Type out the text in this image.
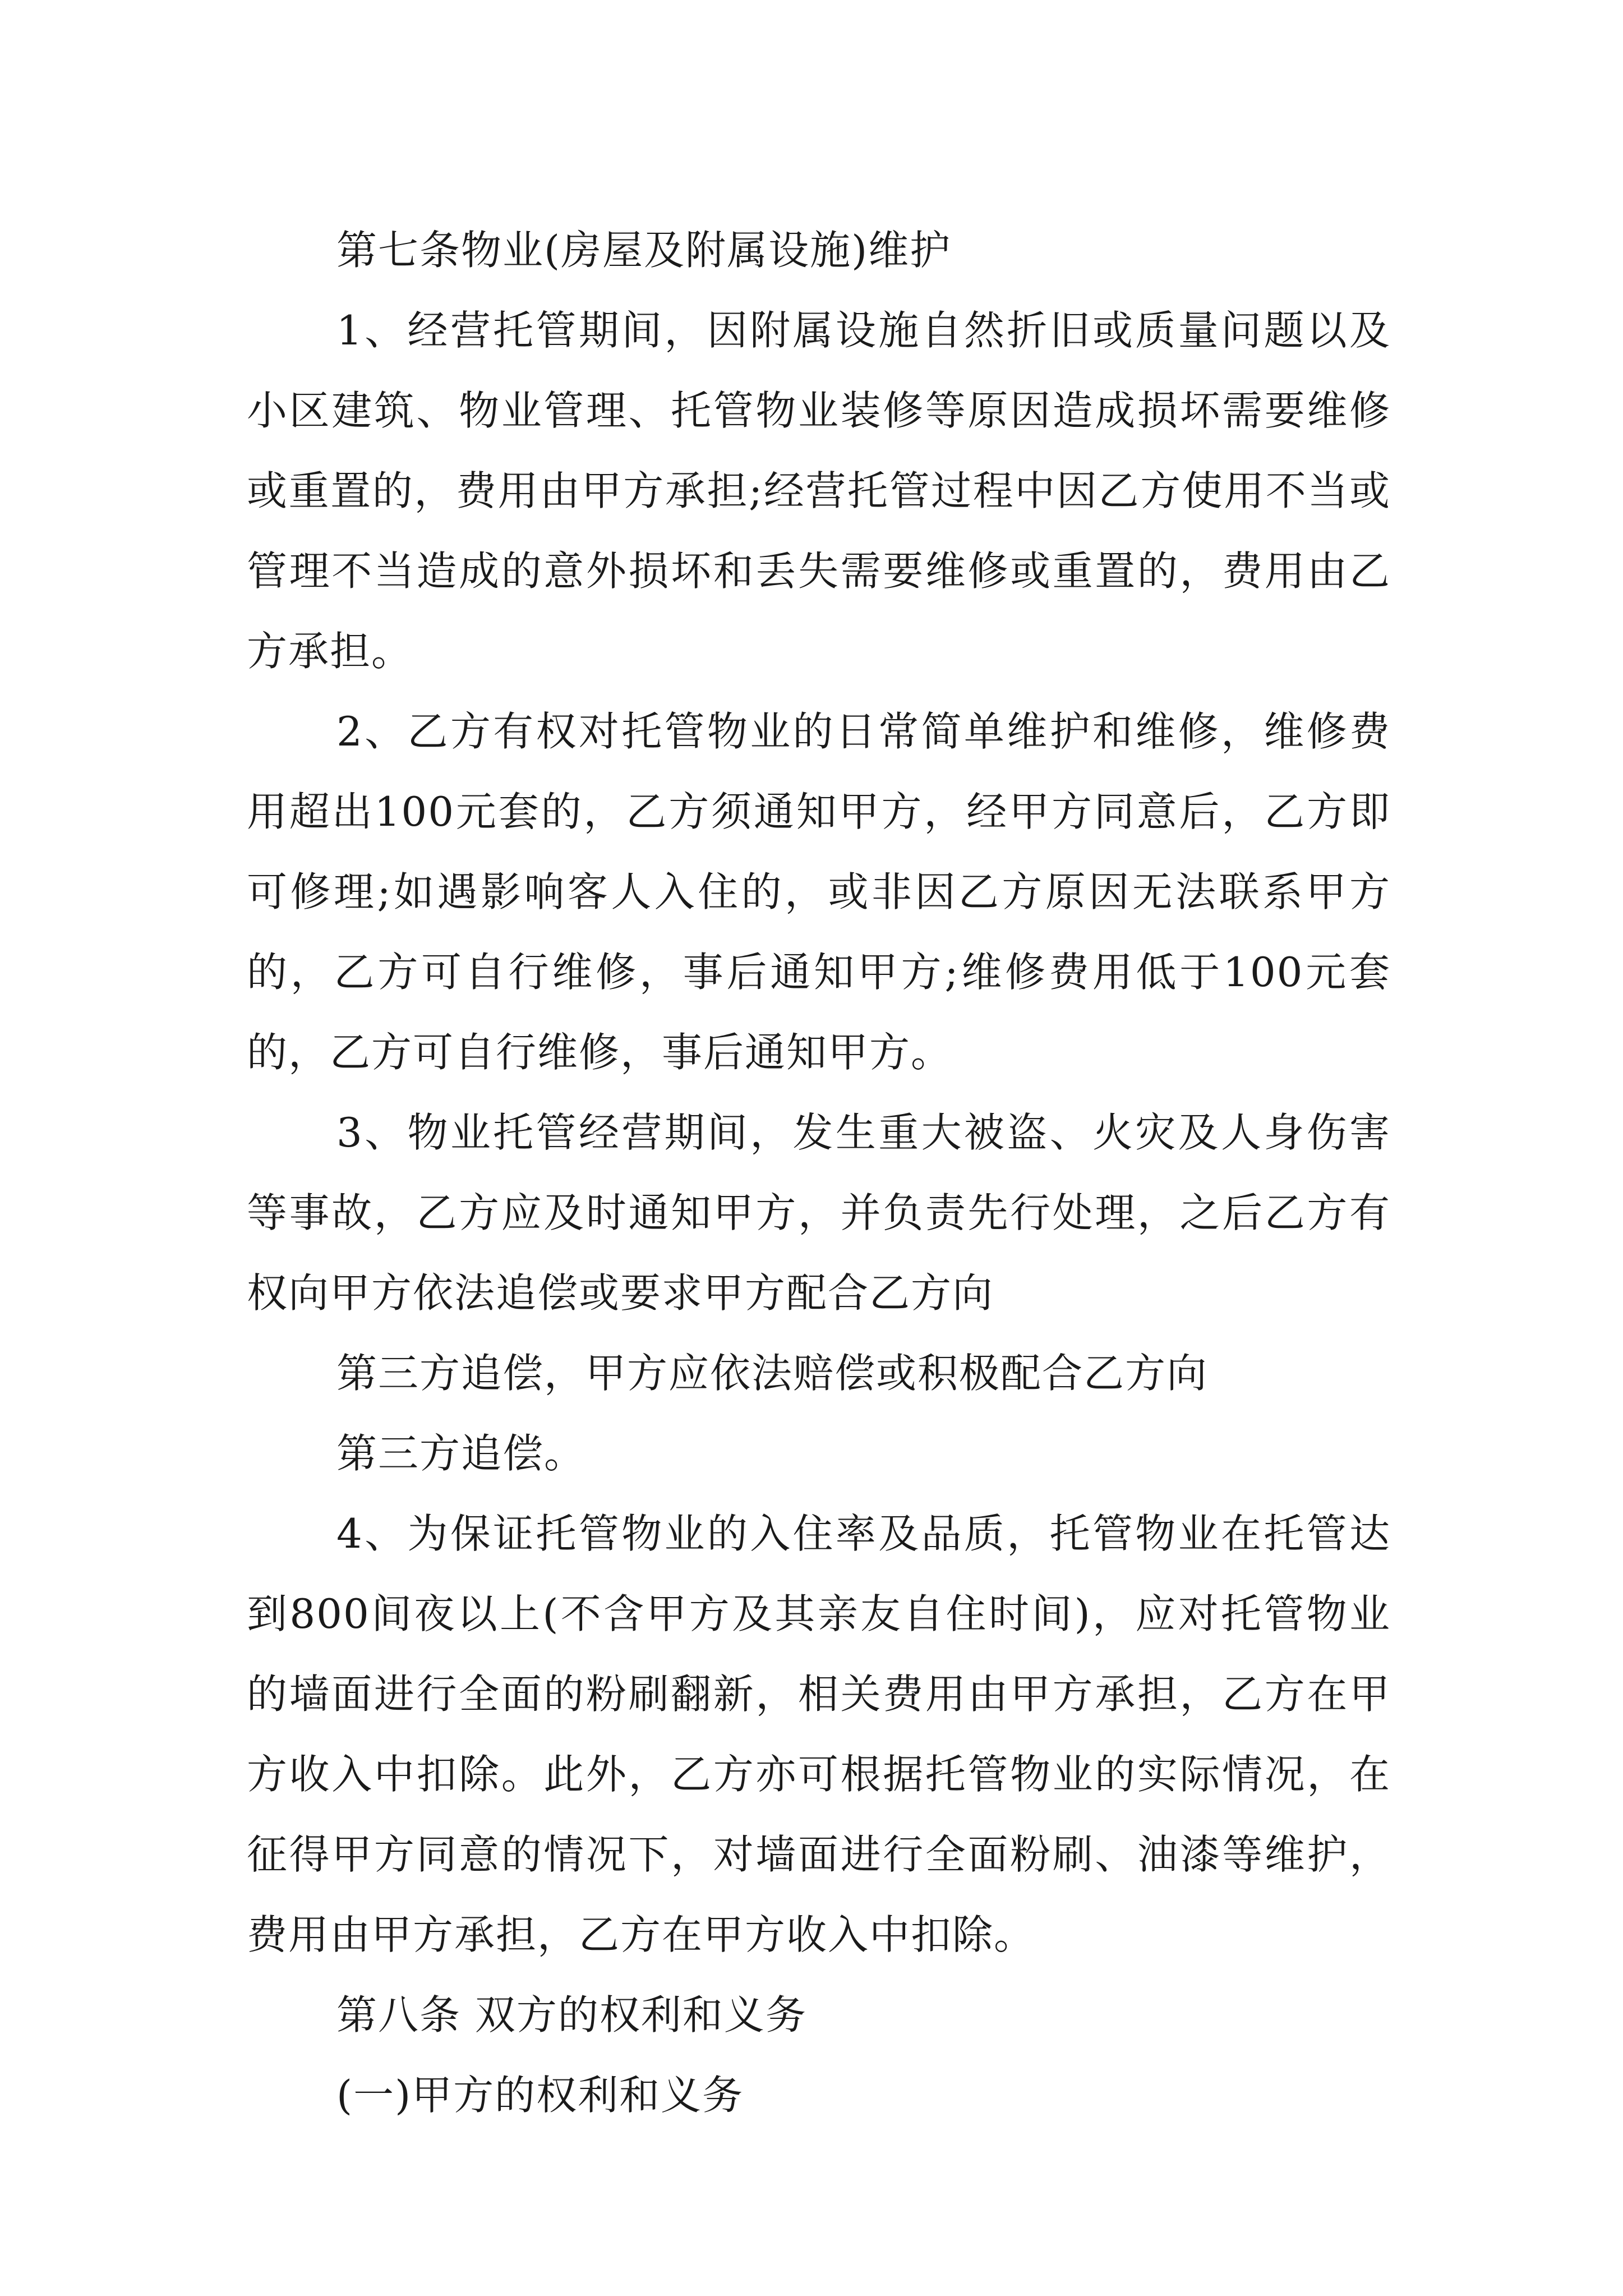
第七条物业(房屋及附属设施)维护

1、经营托管期间，因附属设施自然折旧或质量问题以及小区建筑、物业管理、托管物业装修等原因造成损坏需要维修或重置的，费用由甲方承担;经营托管过程中因乙方使用不当或管理不当造成的意外损坏和丢失需要维修或重置的，费用由乙方承担。

2、乙方有权对托管物业的日常简单维护和维修，维修费用超出100元套的，乙方须通知甲方，经甲方同意后，乙方即可修理;如遇影响客人入住的，或非因乙方原因无法联系甲方的，乙方可自行维修，事后通知甲方;维修费用低于100元套的，乙方可自行维修，事后通知甲方。

3、物业托管经营期间，发生重大被盗、火灾及人身伤害等事故，乙方应及时通知甲方，并负责先行处理，之后乙方有权向甲方依法追偿或要求甲方配合乙方向

第三方追偿，甲方应依法赔偿或积极配合乙方向

第三方追偿。

4、为保证托管物业的入住率及品质，托管物业在托管达到800间夜以上(不含甲方及其亲友自住时间)，应对托管物业的墙面进行全面的粉刷翻新，相关费用由甲方承担，乙方在甲方收入中扣除。此外，乙方亦可根据托管物业的实际情况，在征得甲方同意的情况下，对墙面进行全面粉刷、油漆等维护，费用由甲方承担，乙方在甲方收入中扣除。

第八条 双方的权利和义务

(一)甲方的权利和义务
